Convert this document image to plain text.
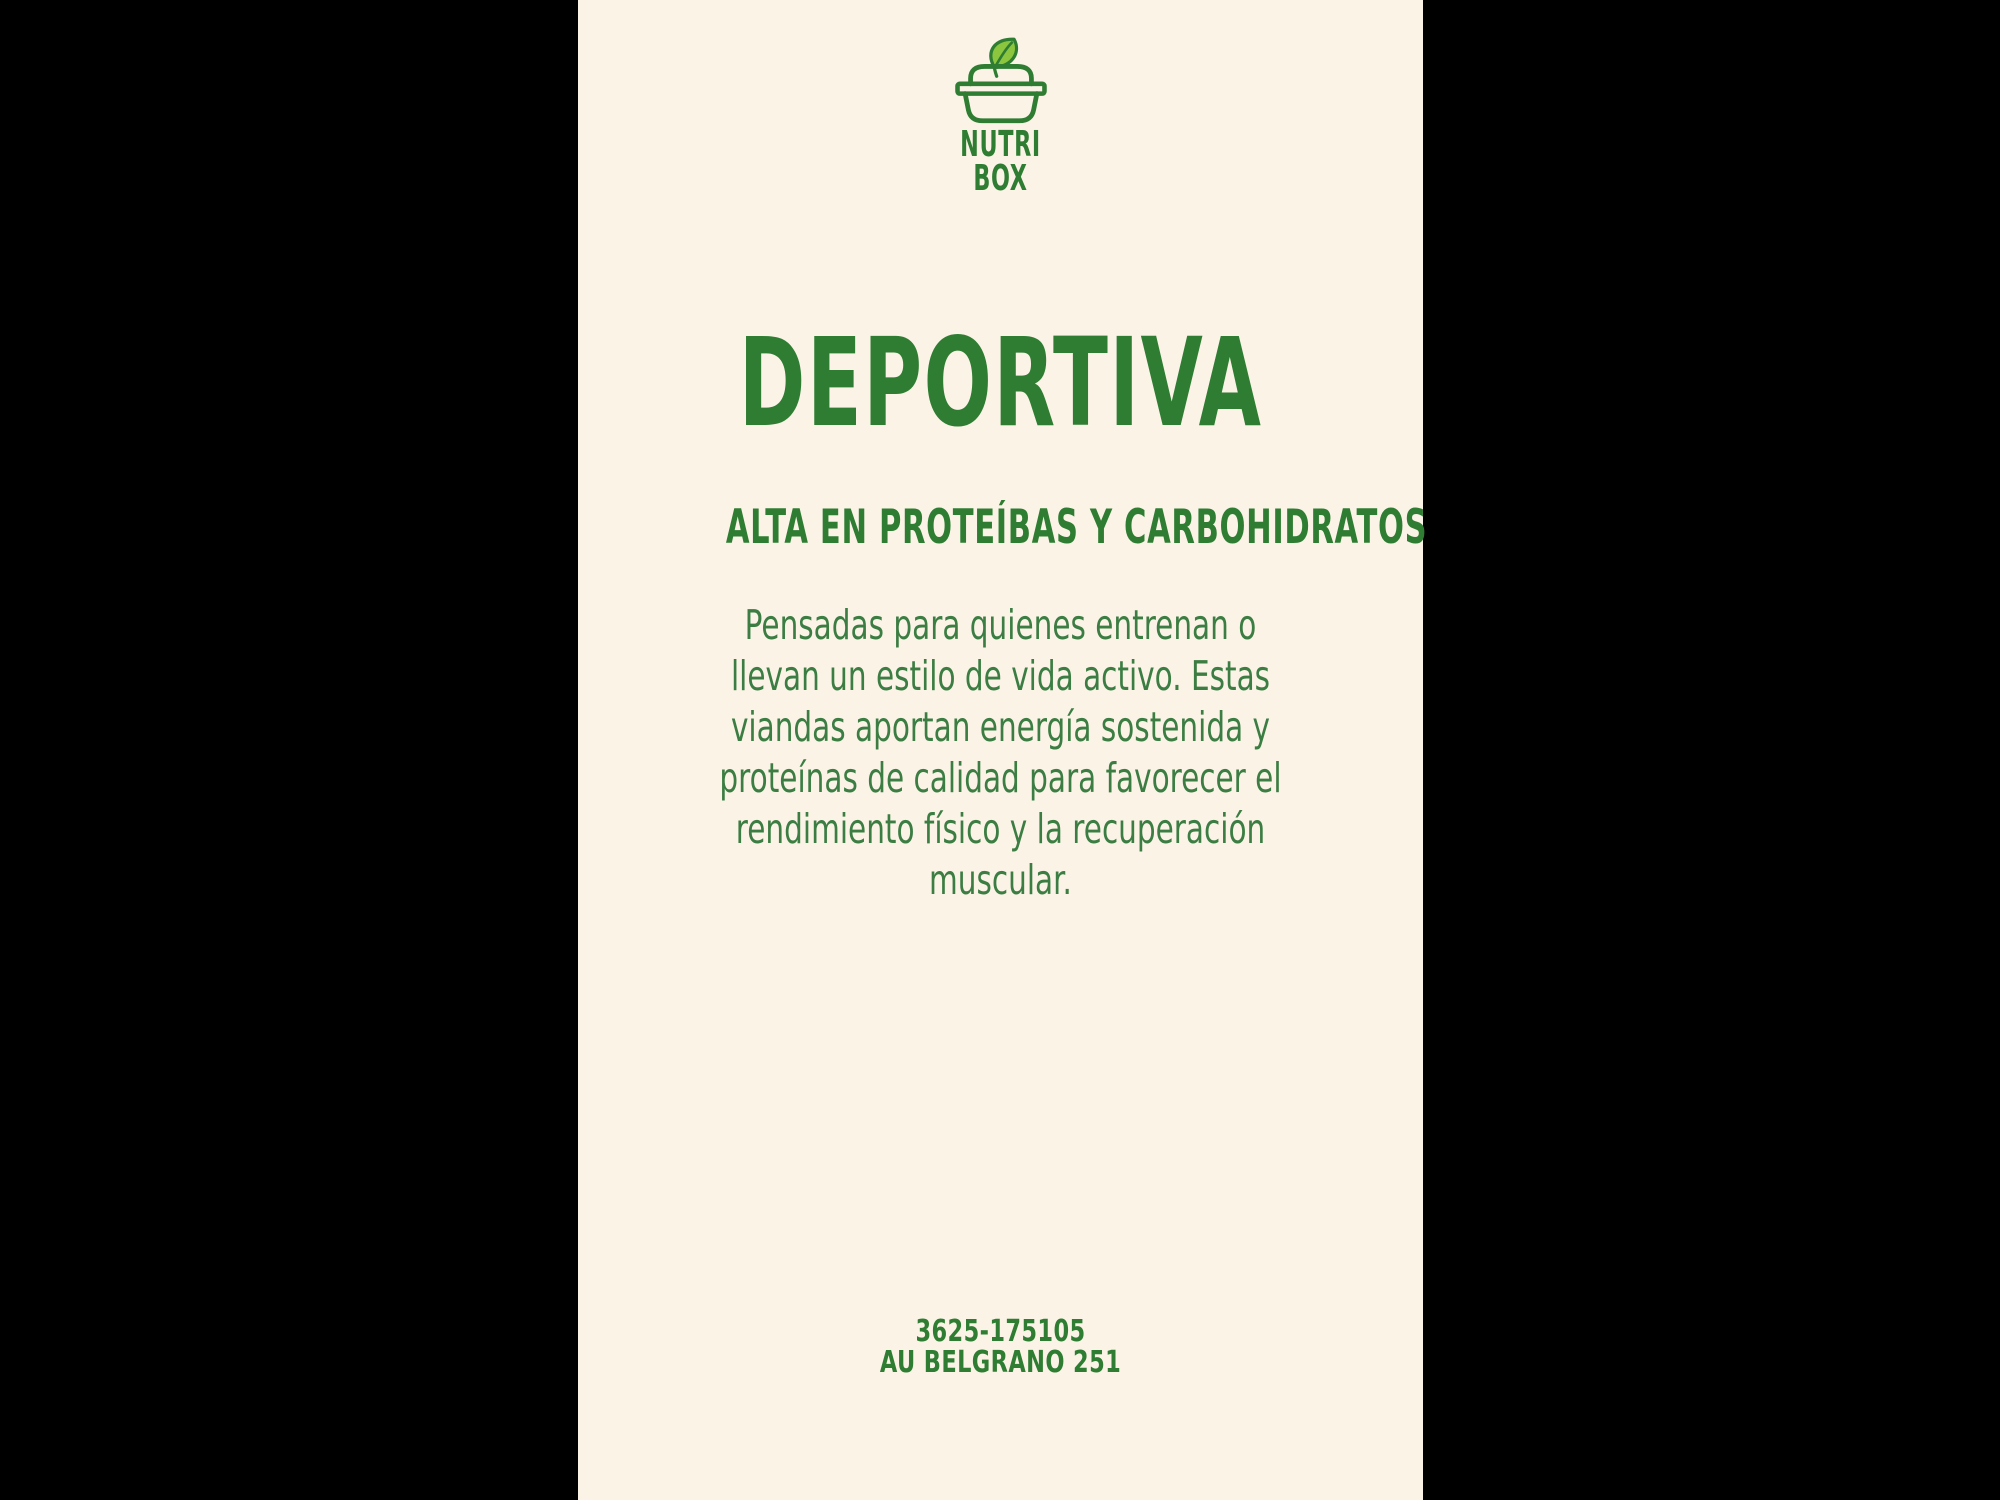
NUTRI
BOX
DEPORTIVA
ALTA EN PROTEÍBAS Y CARBOHIDRATOS
Pensadas para quienes entrenan o
llevan un estilo de vida activo. Estas
viandas aportan energía sostenida y
proteínas de calidad para favorecer el
rendimiento físico y la recuperación
muscular.
3625-175105
AU BELGRANO 251
